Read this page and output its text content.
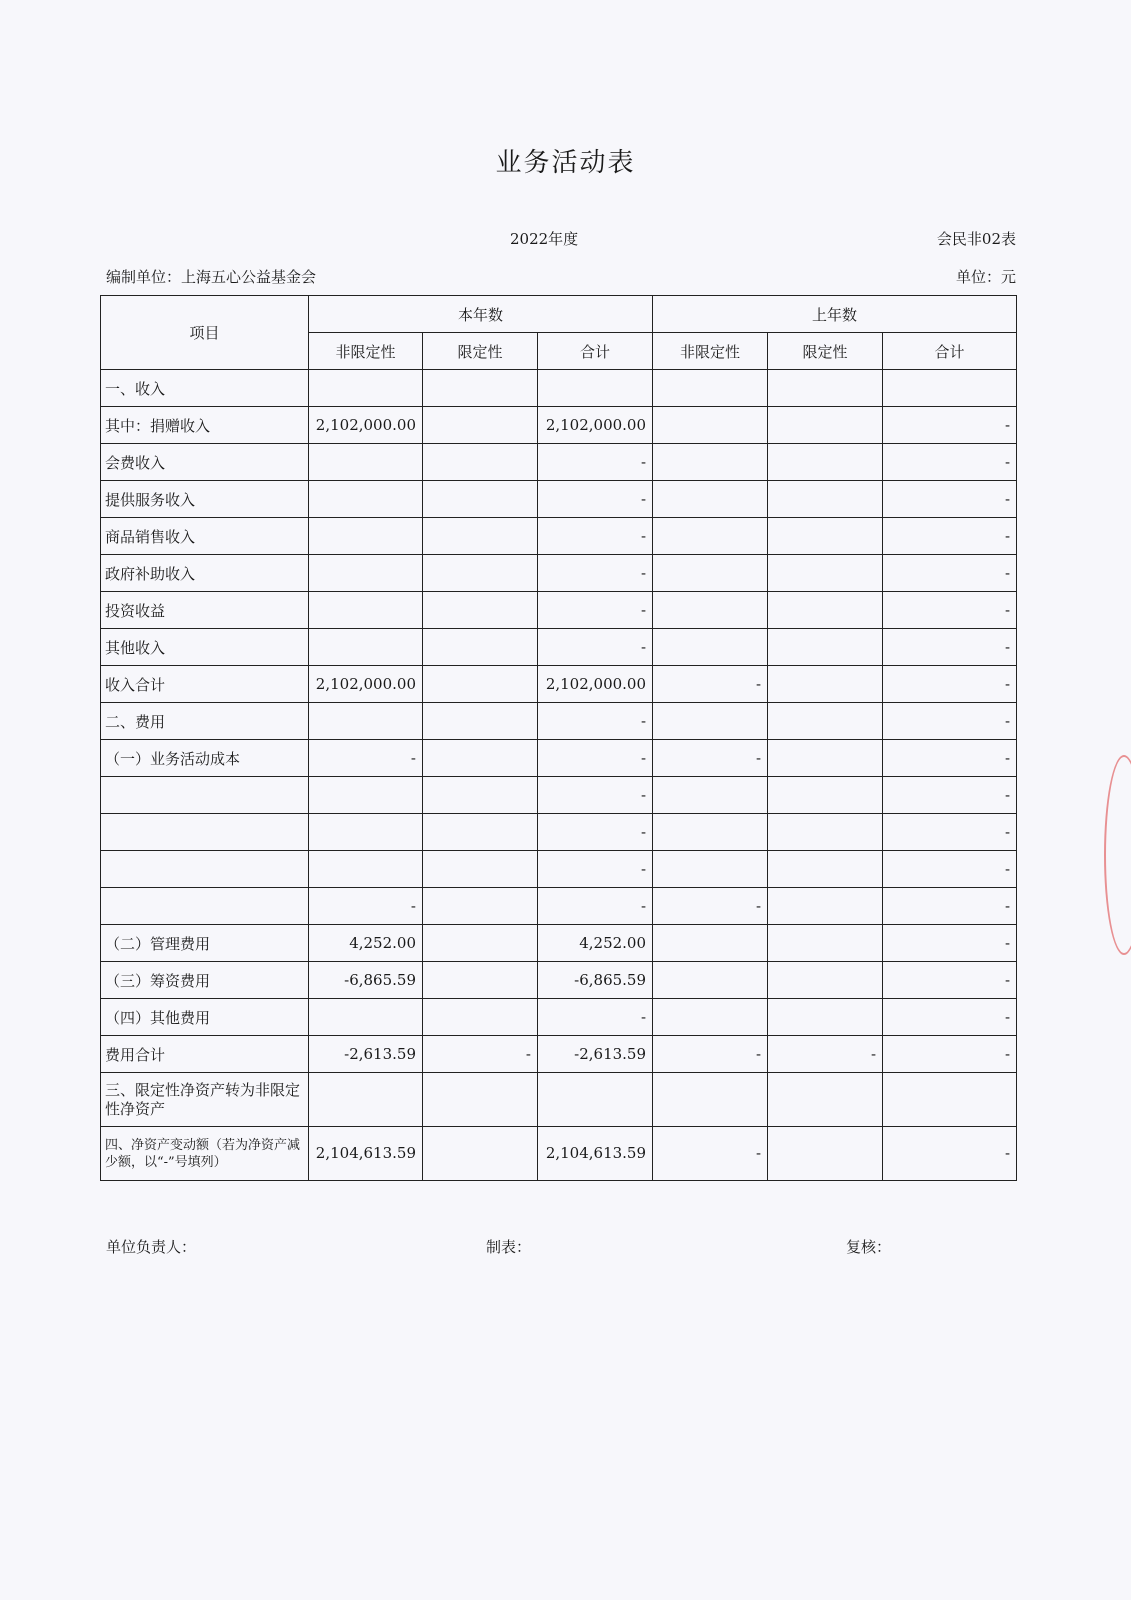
业务活动表
2022年度	会民非02表
编制单位：上海五心公益基金会	单位：元
项目	本年数			上年数		
	非限定性	限定性	合计	非限定性	限定性	合计
一、收入						
其中：捐赠收入	2,102,000.00		2,102,000.00			-
会费收入			-			-
提供服务收入			-			-
商品销售收入			-			-
政府补助收入			-			-
投资收益			-			-
其他收入			-			-
收入合计	2,102,000.00		2,102,000.00	-		-
二、费用			-			-
（一）业务活动成本	-		-	-		-
			-			-
			-			-
			-			-
	-		-	-		-
（二）管理费用	4,252.00		4,252.00			-
（三）筹资费用	-6,865.59		-6,865.59			-
（四）其他费用			-			-
费用合计	-2,613.59	-	-2,613.59	-	-	-
三、限定性净资产转为非限定性净资产						
四、净资产变动额（若为净资产减少额，以“-”号填列）	2,104,613.59		2,104,613.59	-		-
单位负责人：	制表：	复核：
